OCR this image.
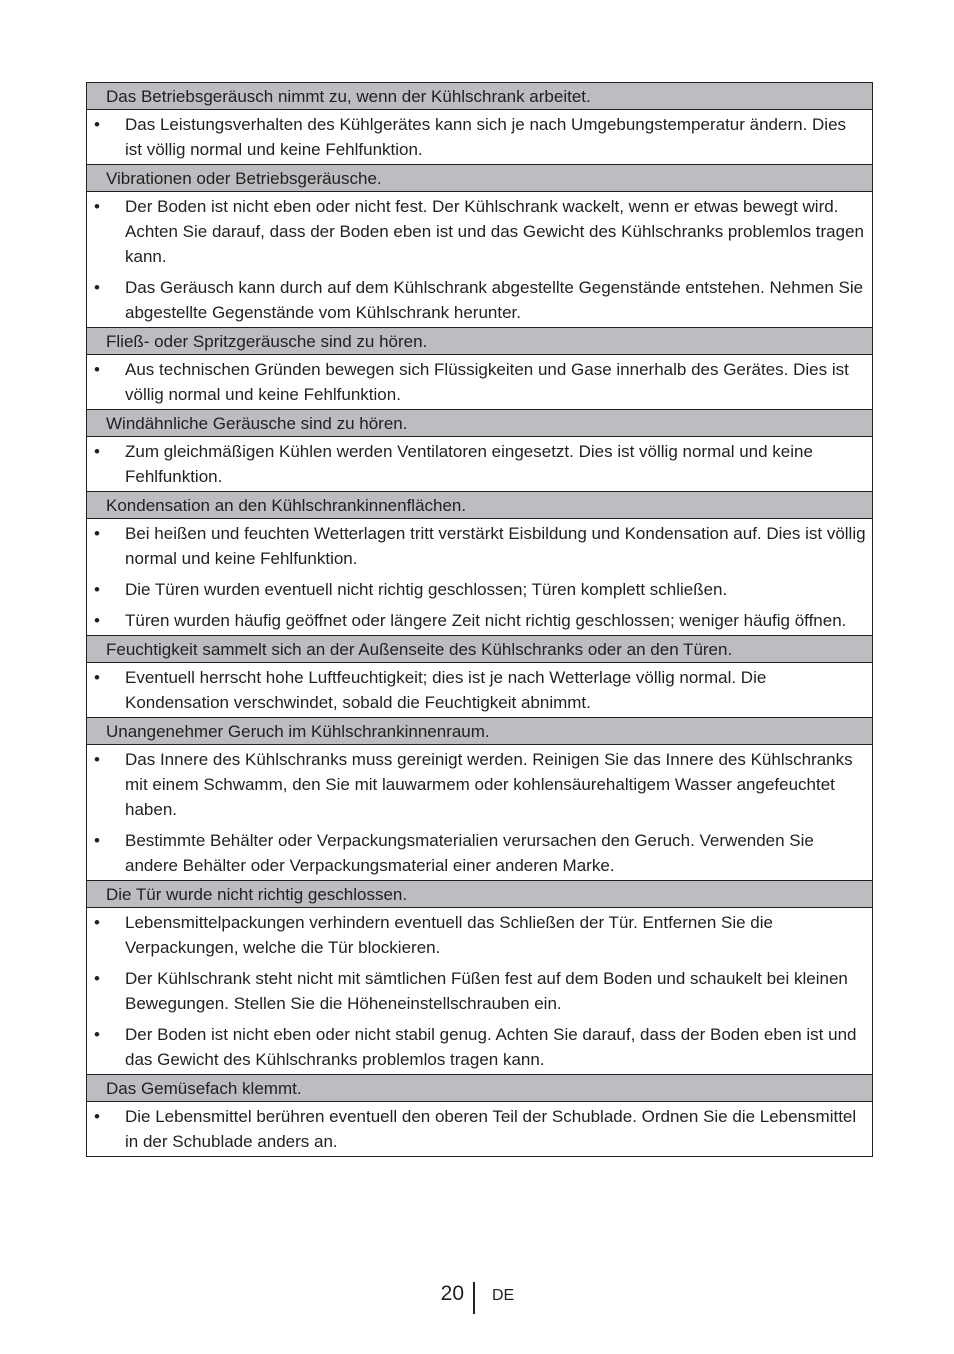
Das Betriebsgeräusch nimmt zu, wenn der Kühlschrank arbeitet.
•	Das Leistungsverhalten des Kühlgerätes kann sich je nach Umgebungstemperatur ändern. Dies ist völlig normal und keine Fehlfunktion.
Vibrationen oder Betriebsgeräusche.
•	Der Boden ist nicht eben oder nicht fest. Der Kühlschrank wackelt, wenn er etwas bewegt wird. Achten Sie darauf, dass der Boden eben ist und das Gewicht des Kühlschranks problemlos tragen kann.
•	Das Geräusch kann durch auf dem Kühlschrank abgestellte Gegenstände entstehen. Nehmen Sie abgestellte Gegenstände vom Kühlschrank herunter.
Fließ- oder Spritzgeräusche sind zu hören.
•	Aus technischen Gründen bewegen sich Flüssigkeiten und Gase innerhalb des Gerätes. Dies ist völlig normal und keine Fehlfunktion.
Windähnliche Geräusche sind zu hören.
•	Zum gleichmäßigen Kühlen werden Ventilatoren eingesetzt. Dies ist völlig normal und keine Fehlfunktion.
Kondensation an den Kühlschrankinnenflächen.
•	Bei heißen und feuchten Wetterlagen tritt verstärkt Eisbildung und Kondensation auf. Dies ist völlig normal und keine Fehlfunktion.
•	Die Türen wurden eventuell nicht richtig geschlossen; Türen komplett schließen.
•	Türen wurden häufig geöffnet oder längere Zeit nicht richtig geschlossen; weniger häufig öffnen.
Feuchtigkeit sammelt sich an der Außenseite des Kühlschranks oder an den Türen.
•	Eventuell herrscht hohe Luftfeuchtigkeit; dies ist je nach Wetterlage völlig normal. Die Kondensation verschwindet, sobald die Feuchtigkeit abnimmt.
Unangenehmer Geruch im Kühlschrankinnenraum.
•	Das Innere des Kühlschranks muss gereinigt werden. Reinigen Sie das Innere des Kühlschranks mit einem Schwamm, den Sie mit lauwarmem oder kohlensäurehaltigem Wasser angefeuchtet haben.
•	Bestimmte Behälter oder Verpackungsmaterialien verursachen den Geruch. Verwenden Sie andere Behälter oder Verpackungsmaterial einer anderen Marke.
Die Tür wurde nicht richtig geschlossen.
•	Lebensmittelpackungen verhindern eventuell das Schließen der Tür. Entfernen Sie die Verpackungen, welche die Tür blockieren.
•	Der Kühlschrank steht nicht mit sämtlichen Füßen fest auf dem Boden und schaukelt bei kleinen Bewegungen. Stellen Sie die Höheneinstellschrauben ein.
•	Der Boden ist nicht eben oder nicht stabil genug. Achten Sie darauf, dass der Boden eben ist und das Gewicht des Kühlschranks problemlos tragen kann.
Das Gemüsefach klemmt.
•	Die Lebensmittel berühren eventuell den oberen Teil der Schublade. Ordnen Sie die Lebensmittel in der Schublade anders an.
20 DE
